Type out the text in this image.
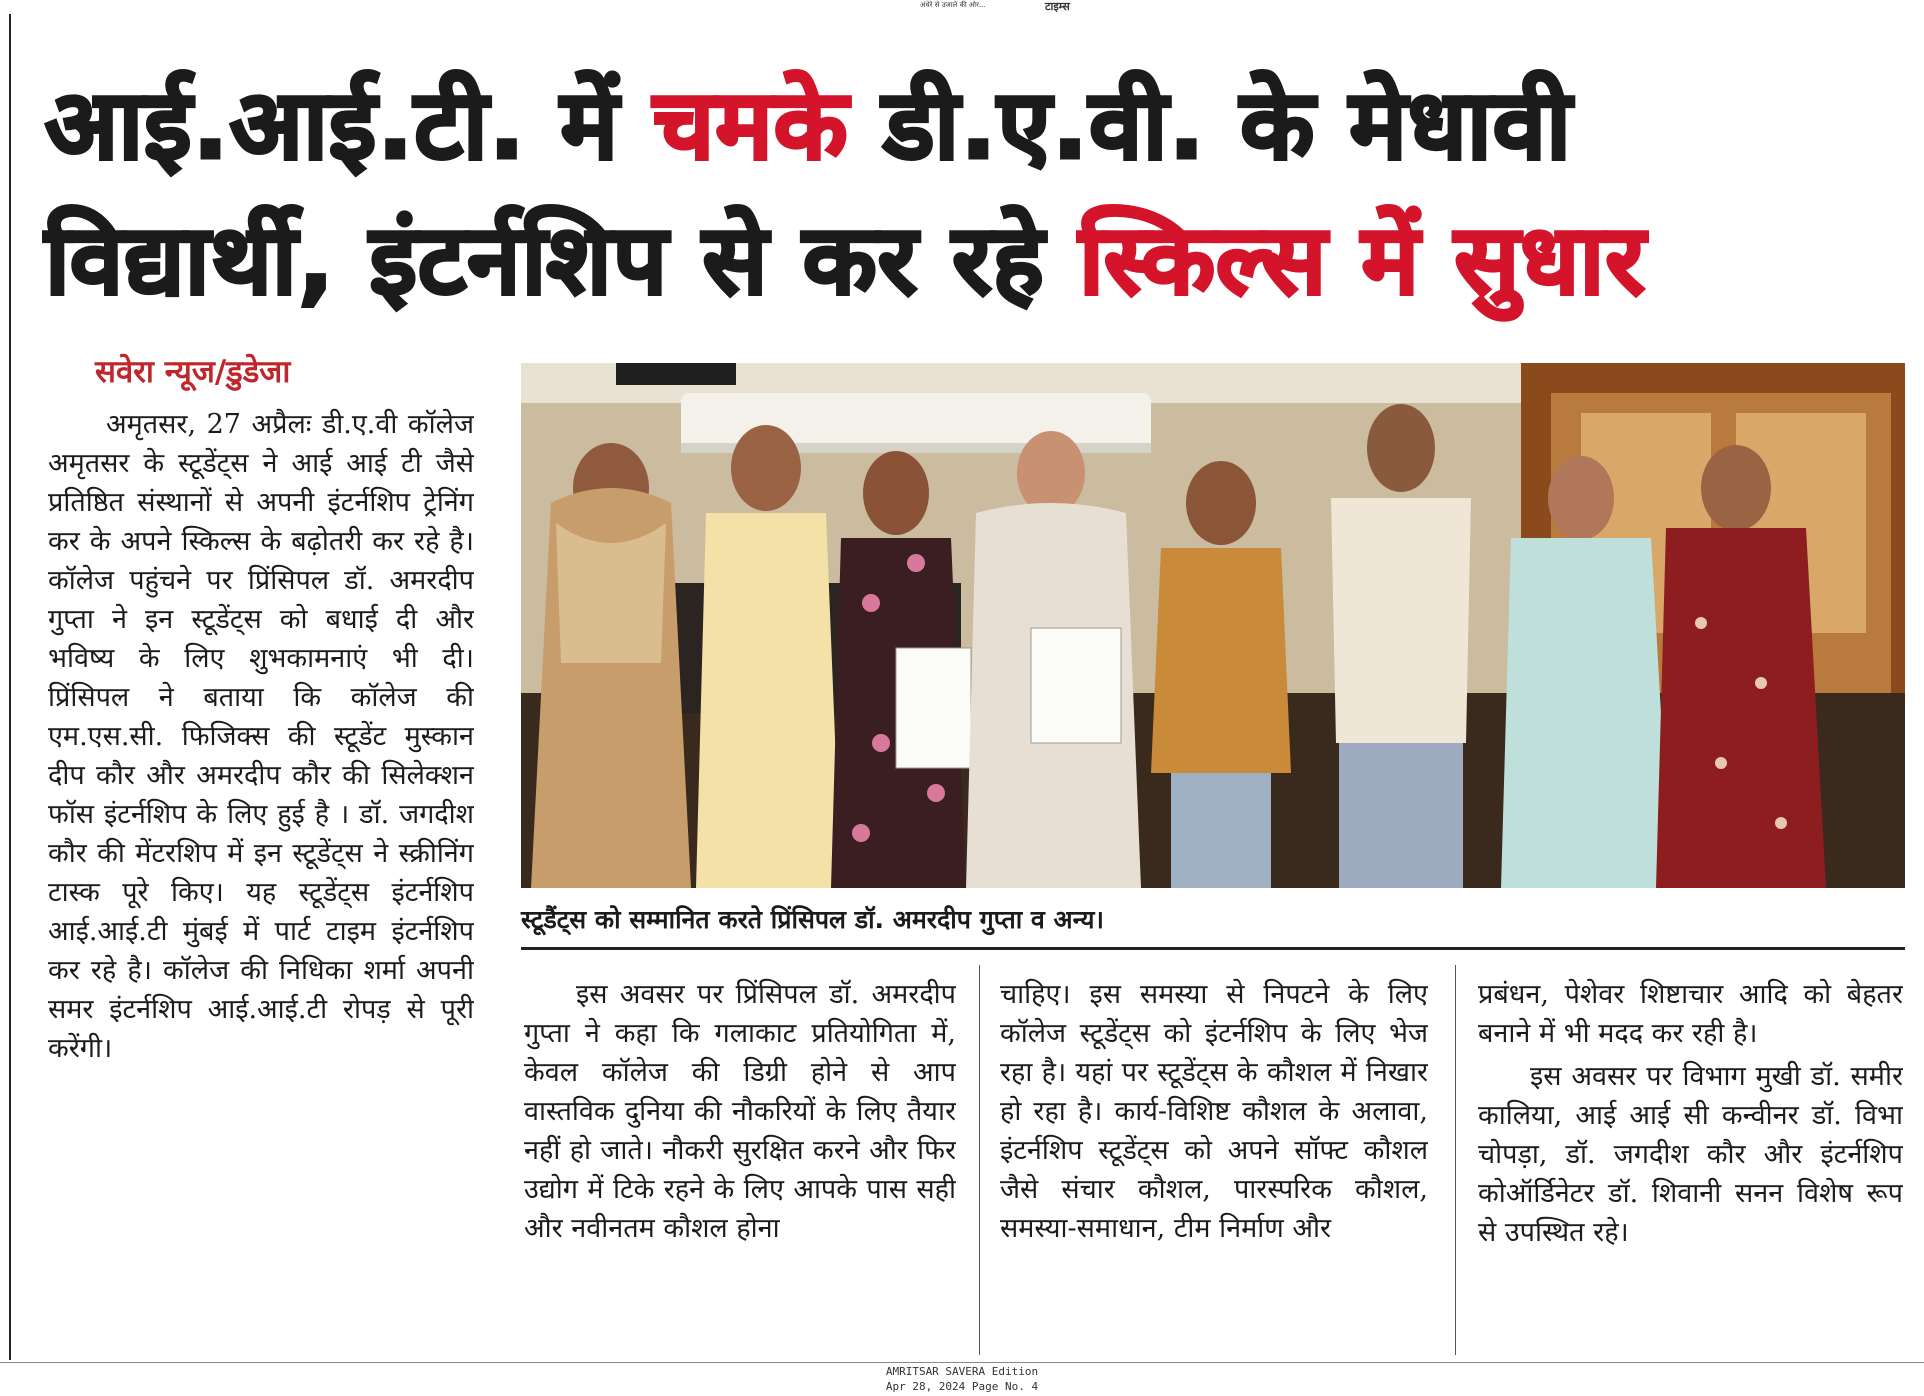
अंधेरे से उजाले की ओर...	टाइम्स
आई.आई.टी. में चमके डी.ए.वी. के मेधावी
विद्यार्थी, इंटर्नशिप से कर रहे स्किल्स में सुधार
सवेरा न्यूज/डुडेजा

अमृतसर, 27 अप्रैलः डी.ए.वी कॉलेज अमृतसर के स्टूडेंट्स ने आई आई टी जैसे प्रतिष्ठित संस्थानों से अपनी इंटर्नशिप ट्रेनिंग कर के अपने स्किल्स के बढ़ोतरी कर रहे है। कॉलेज पहुंचने पर प्रिंसिपल डॉ. अमरदीप गुप्ता ने इन स्टूडेंट्स को बधाई दी और भविष्य के लिए शुभकामनाएं भी दी। प्रिंसिपल ने बताया कि कॉलेज की एम.एस.सी. फिजिक्स की स्टूडेंट मुस्कान दीप कौर और अमरदीप कौर की सिलेक्शन फॉस इंटर्नशिप के लिए हुई है । डॉ. जगदीश कौर की मेंटरशिप में इन स्टूडेंट्स ने स्क्रीनिंग टास्क पूरे किए। यह स्टूडेंट्स इंटर्नशिप आई.आई.टी मुंबई में पार्ट टाइम इंटर्नशिप कर रहे है। कॉलेज की निधिका शर्मा अपनी समर इंटर्नशिप आई.आई.टी रोपड़ से पूरी करेंगी।

स्टूडैंट्स को सम्मानित करते प्रिंसिपल डॉ. अमरदीप गुप्ता व अन्य।

इस अवसर पर प्रिंसिपल डॉ. अमरदीप गुप्ता ने कहा कि गलाकाट प्रतियोगिता में, केवल कॉलेज की डिग्री होने से आप वास्तविक दुनिया की नौकरियों के लिए तैयार नहीं हो जाते। नौकरी सुरक्षित करने और फिर उद्योग में टिके रहने के लिए आपके पास सही और नवीनतम कौशल होना

चाहिए। इस समस्या से निपटने के लिए कॉलेज स्टूडेंट्स को इंटर्नशिप के लिए भेज रहा है। यहां पर स्टूडेंट्स के कौशल में निखार हो रहा है। कार्य-विशिष्ट कौशल के अलावा, इंटर्नशिप स्टूडेंट्स को अपने सॉफ्ट कौशल जैसे संचार कौशल, पारस्परिक कौशल, समस्या-समाधान, टीम निर्माण और

प्रबंधन, पेशेवर शिष्टाचार आदि को बेहतर बनाने में भी मदद कर रही है।

इस अवसर पर विभाग मुखी डॉ. समीर कालिया, आई आई सी कन्वीनर डॉ. विभा चोपड़ा, डॉ. जगदीश कौर और इंटर्नशिप कोऑर्डिनेटर डॉ. शिवानी सनन विशेष रूप से उपस्थित रहे।

AMRITSAR SAVERA Edition
Apr 28, 2024 Page No. 4
